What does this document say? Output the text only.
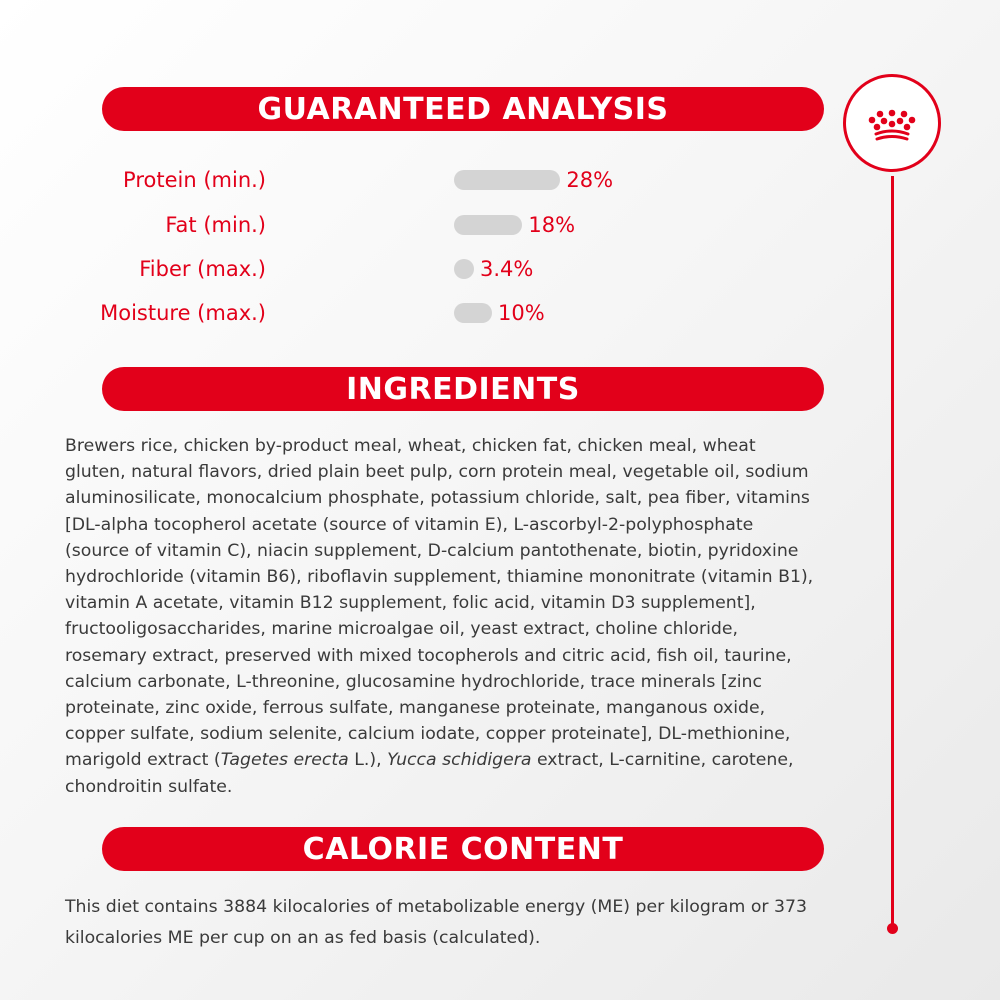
GUARANTEED ANALYSIS
Protein (min.)	28%
Fat (min.)	18%
Fiber (max.)	3.4%
Moisture (max.)	10%
INGREDIENTS
Brewers rice, chicken by-product meal, wheat, chicken fat, chicken meal, wheat
gluten, natural flavors, dried plain beet pulp, corn protein meal, vegetable oil, sodium
aluminosilicate, monocalcium phosphate, potassium chloride, salt, pea fiber, vitamins
[DL-alpha tocopherol acetate (source of vitamin E), L-ascorbyl-2-polyphosphate
(source of vitamin C), niacin supplement, D-calcium pantothenate, biotin, pyridoxine
hydrochloride (vitamin B6), riboflavin supplement, thiamine mononitrate (vitamin B1),
vitamin A acetate, vitamin B12 supplement, folic acid, vitamin D3 supplement],
fructooligosaccharides, marine microalgae oil, yeast extract, choline chloride,
rosemary extract, preserved with mixed tocopherols and citric acid, fish oil, taurine,
calcium carbonate, L-threonine, glucosamine hydrochloride, trace minerals [zinc
proteinate, zinc oxide, ferrous sulfate, manganese proteinate, manganous oxide,
copper sulfate, sodium selenite, calcium iodate, copper proteinate], DL-methionine,
marigold extract (Tagetes erecta L.), Yucca schidigera extract, L-carnitine, carotene,
chondroitin sulfate.
CALORIE CONTENT
This diet contains 3884 kilocalories of metabolizable energy (ME) per kilogram or 373
kilocalories ME per cup on an as fed basis (calculated).
